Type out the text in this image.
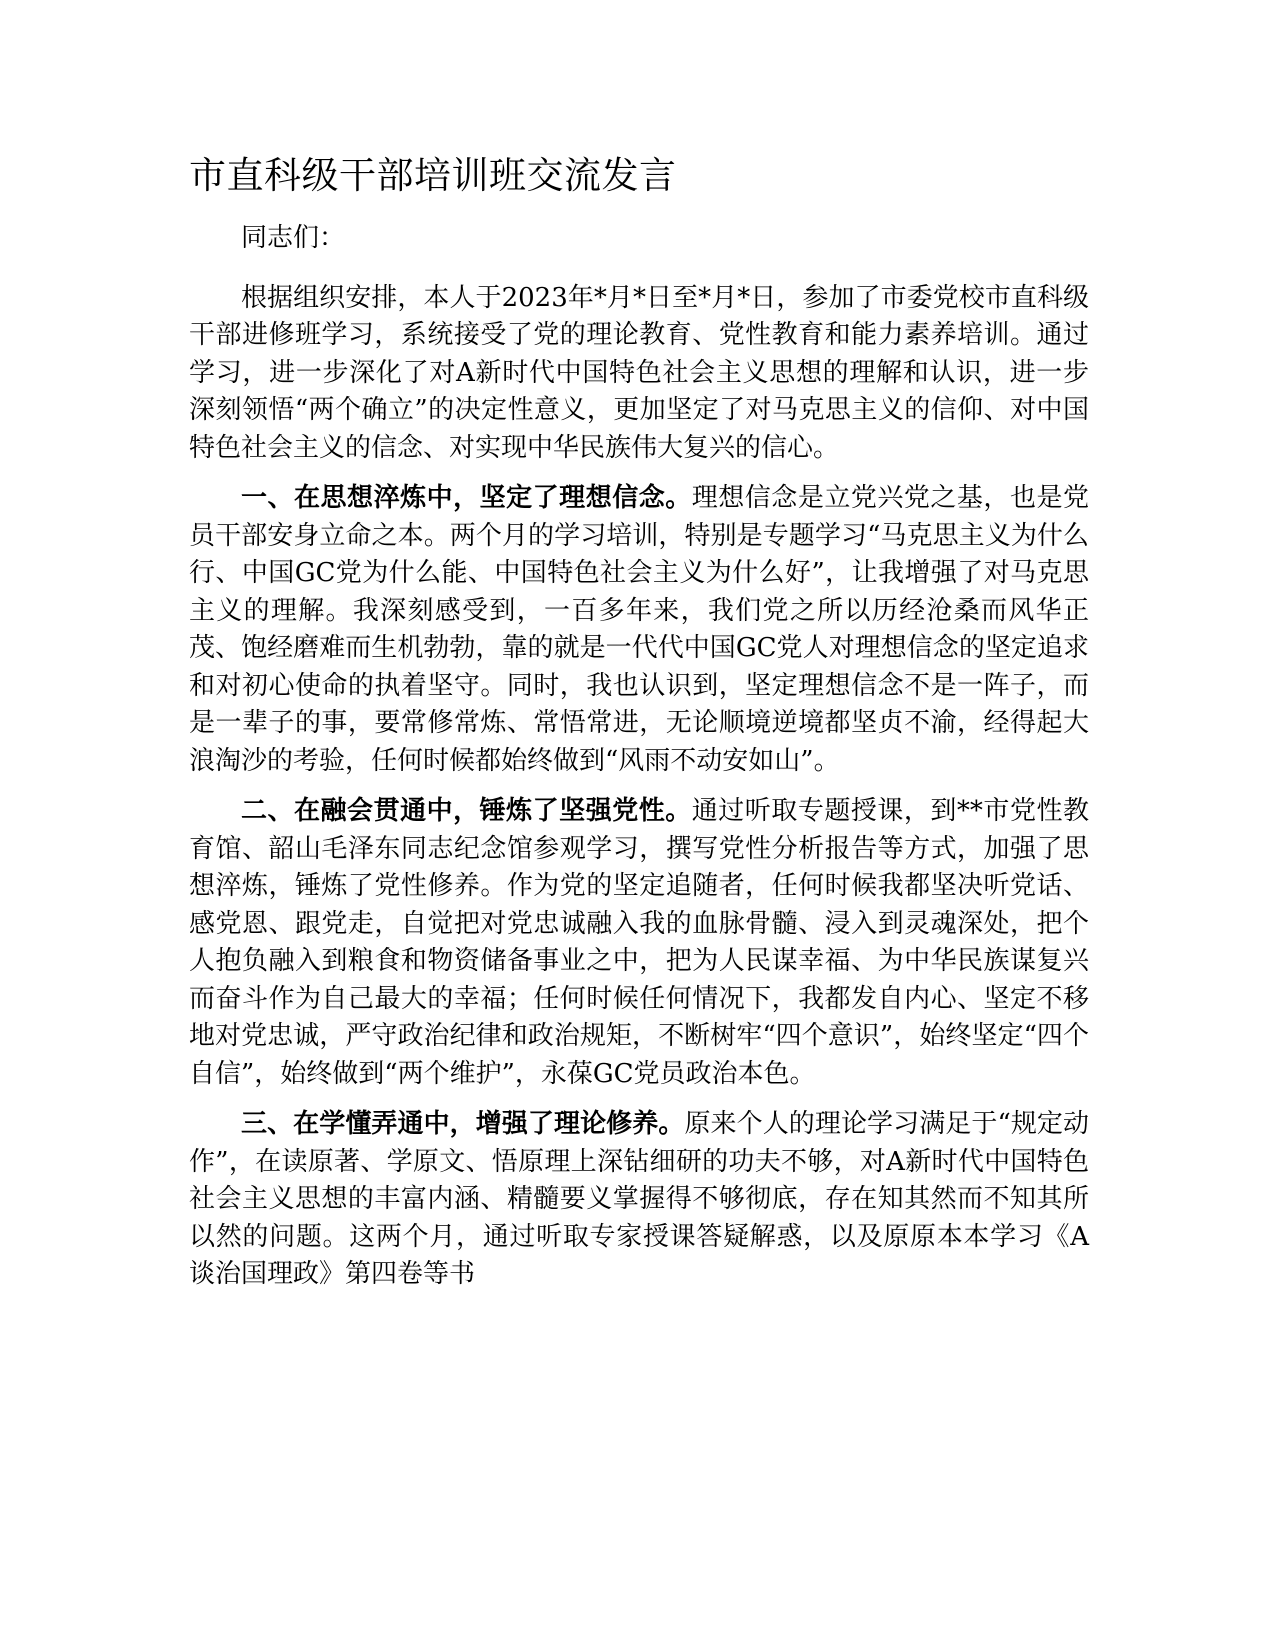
市直科级干部培训班交流发言

同志们：

根据组织安排，本人于2023年*月*日至*月*日，参加了市委党校市直科级干部进修班学习，系统接受了党的理论教育、党性教育和能力素养培训。通过学习，进一步深化了对A新时代中国特色社会主义思想的理解和认识，进一步深刻领悟“两个确立”的决定性意义，更加坚定了对马克思主义的信仰、对中国特色社会主义的信念、对实现中华民族伟大复兴的信心。

一、在思想淬炼中，坚定了理想信念。理想信念是立党兴党之基，也是党员干部安身立命之本。两个月的学习培训，特别是专题学习“马克思主义为什么行、中国GC党为什么能、中国特色社会主义为什么好”，让我增强了对马克思主义的理解。我深刻感受到，一百多年来，我们党之所以历经沧桑而风华正茂、饱经磨难而生机勃勃，靠的就是一代代中国GC党人对理想信念的坚定追求和对初心使命的执着坚守。同时，我也认识到，坚定理想信念不是一阵子，而是一辈子的事，要常修常炼、常悟常进，无论顺境逆境都坚贞不渝，经得起大浪淘沙的考验，任何时候都始终做到“风雨不动安如山”。

二、在融会贯通中，锤炼了坚强党性。通过听取专题授课，到**市党性教育馆、韶山毛泽东同志纪念馆参观学习，撰写党性分析报告等方式，加强了思想淬炼，锤炼了党性修养。作为党的坚定追随者，任何时候我都坚决听党话、感党恩、跟党走，自觉把对党忠诚融入我的血脉骨髓、浸入到灵魂深处，把个人抱负融入到粮食和物资储备事业之中，把为人民谋幸福、为中华民族谋复兴而奋斗作为自己最大的幸福；任何时候任何情况下，我都发自内心、坚定不移地对党忠诚，严守政治纪律和政治规矩，不断树牢“四个意识”，始终坚定“四个自信”，始终做到“两个维护”，永葆GC党员政治本色。

三、在学懂弄通中，增强了理论修养。原来个人的理论学习满足于“规定动作”，在读原著、学原文、悟原理上深钻细研的功夫不够，对A新时代中国特色社会主义思想的丰富内涵、精髓要义掌握得不够彻底，存在知其然而不知其所以然的问题。这两个月，通过听取专家授课答疑解惑，以及原原本本学习《A谈治国理政》第四卷等书
